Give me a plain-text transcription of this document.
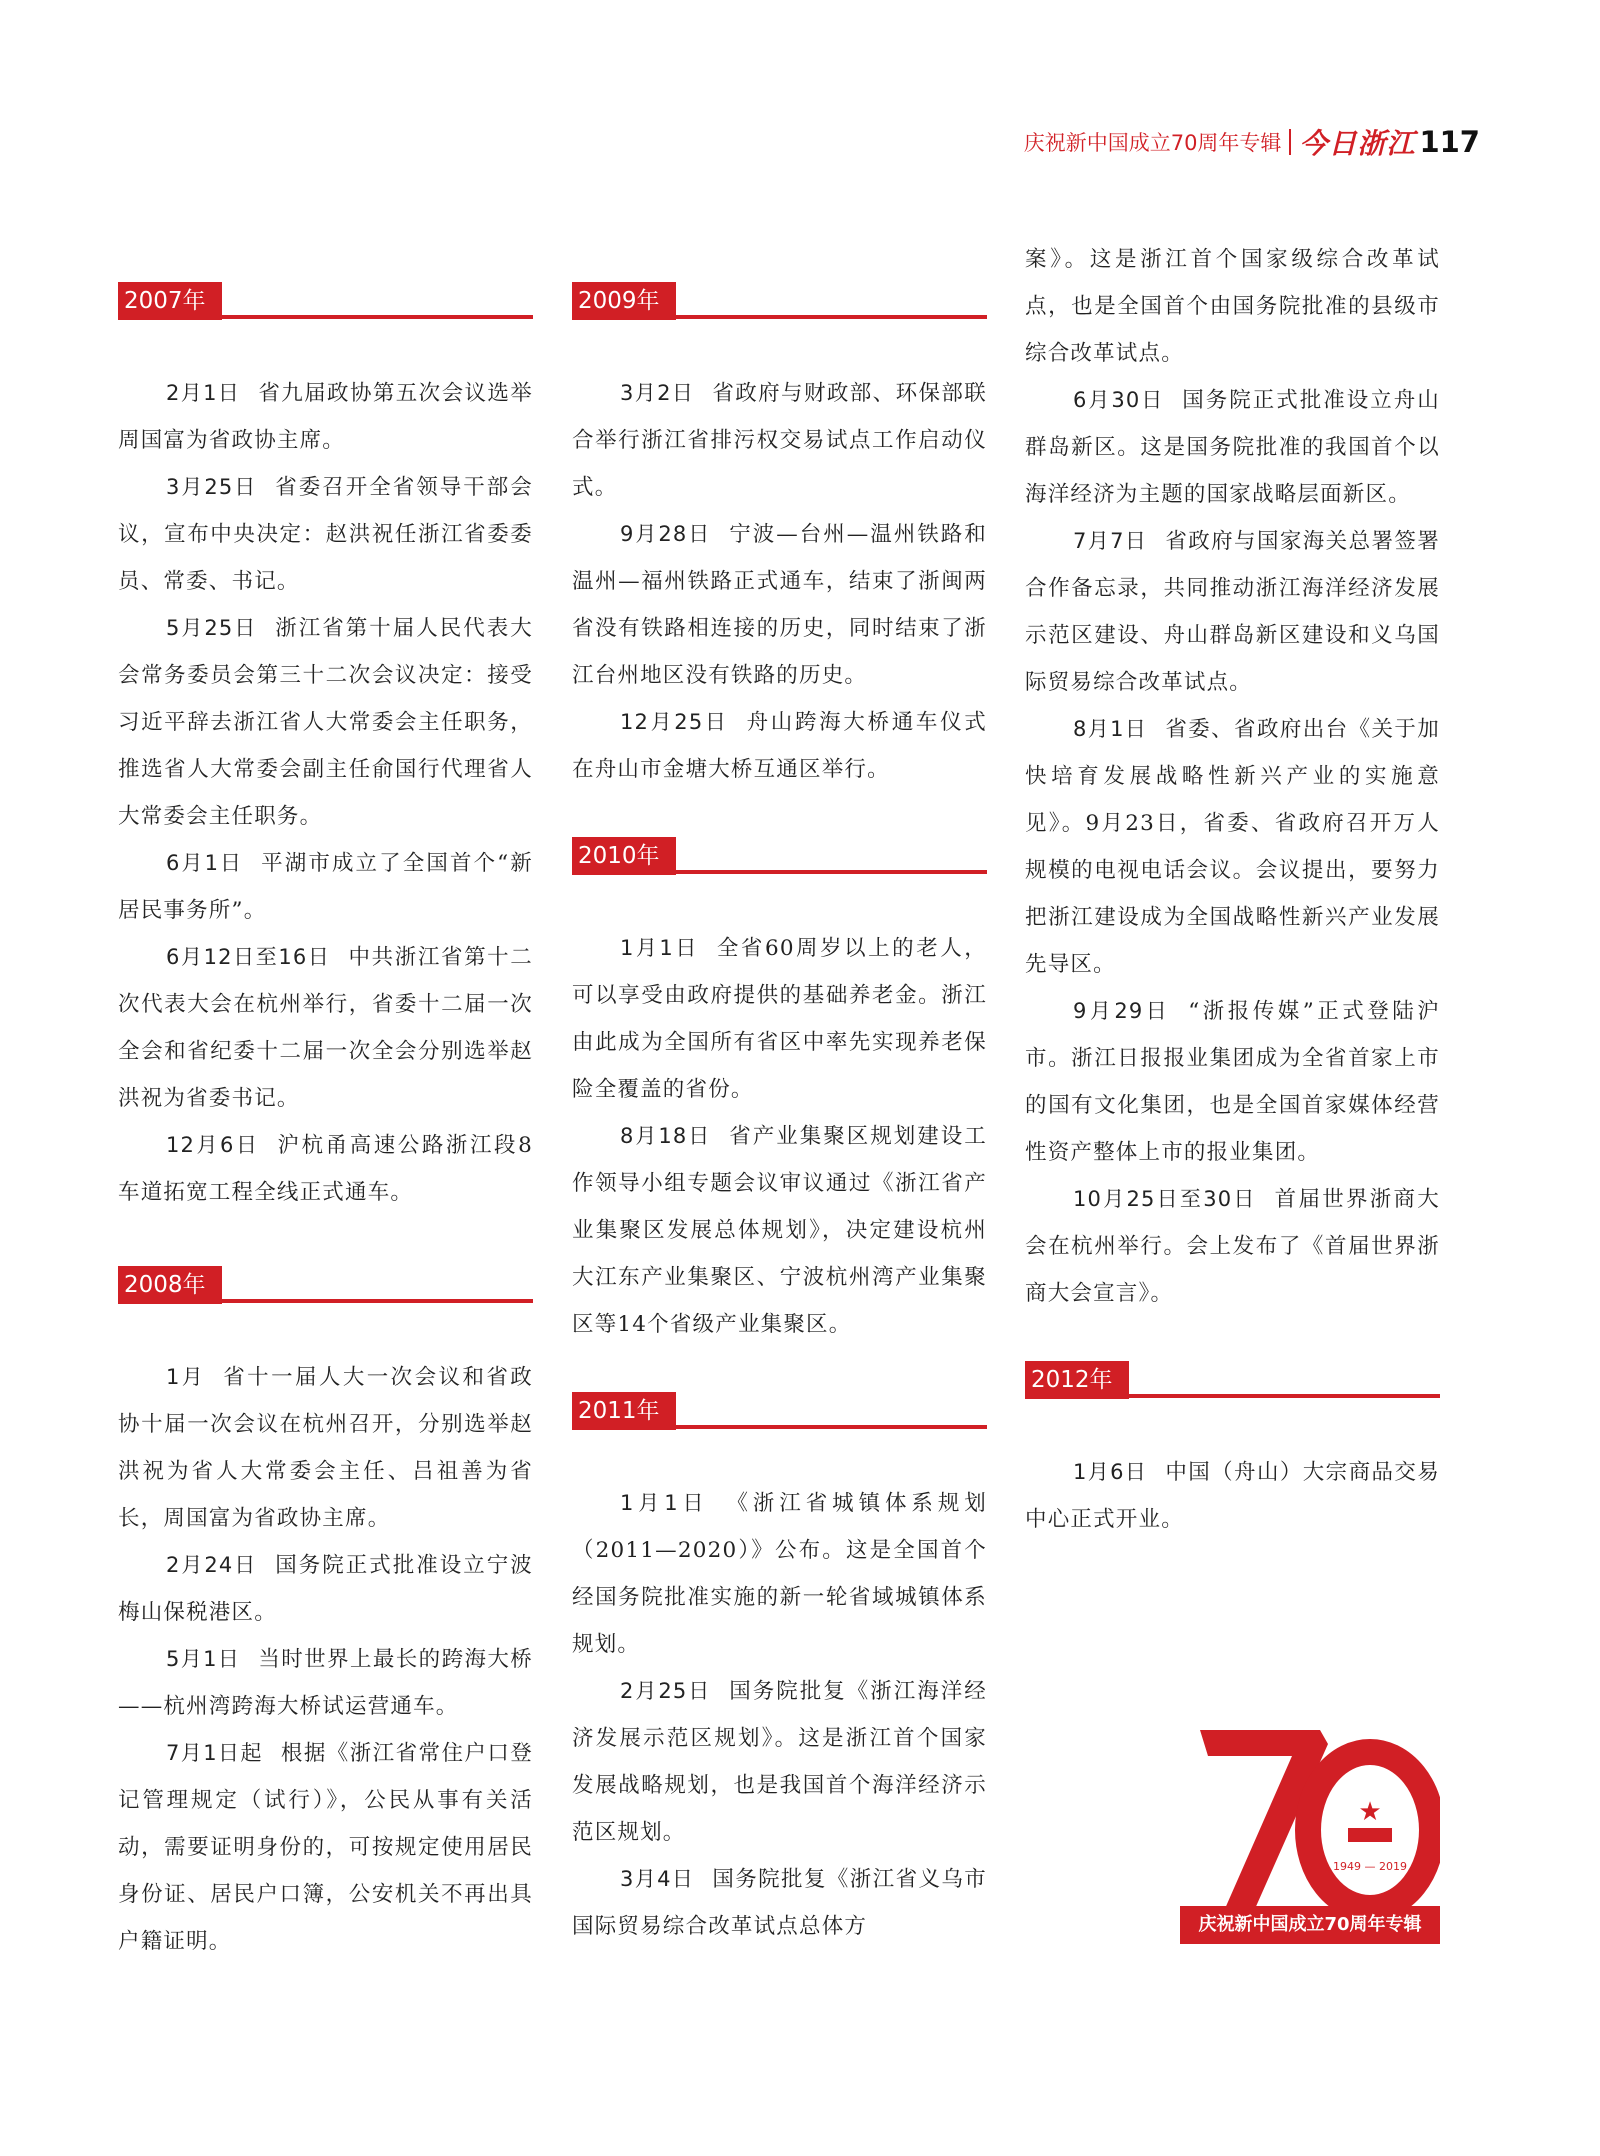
庆祝新中国成立70周年专辑 今日浙江 117
2007年

2月1日 省九届政协第五次会议选举周国富为省政协主席。

3月25日 省委召开全省领导干部会议，宣布中央决定：赵洪祝任浙江省委委员、常委、书记。

5月25日 浙江省第十届人民代表大会常务委员会第三十二次会议决定：接受习近平辞去浙江省人大常委会主任职务，推选省人大常委会副主任俞国行代理省人大常委会主任职务。

6月1日 平湖市成立了全国首个“新居民事务所”。

6月12日至16日 中共浙江省第十二次代表大会在杭州举行，省委十二届一次全会和省纪委十二届一次全会分别选举赵洪祝为省委书记。

12月6日 沪杭甬高速公路浙江段8车道拓宽工程全线正式通车。

2008年

1月 省十一届人大一次会议和省政协十届一次会议在杭州召开，分别选举赵洪祝为省人大常委会主任、吕祖善为省长，周国富为省政协主席。

2月24日 国务院正式批准设立宁波梅山保税港区。

5月1日 当时世界上最长的跨海大桥——杭州湾跨海大桥试运营通车。

7月1日起 根据《浙江省常住户口登记管理规定（试行）》，公民从事有关活动，需要证明身份的，可按规定使用居民身份证、居民户口簿，公安机关不再出具户籍证明。

2009年

3月2日 省政府与财政部、环保部联合举行浙江省排污权交易试点工作启动仪式。

9月28日 宁波—台州—温州铁路和温州—福州铁路正式通车，结束了浙闽两省没有铁路相连接的历史，同时结束了浙江台州地区没有铁路的历史。

12月25日 舟山跨海大桥通车仪式在舟山市金塘大桥互通区举行。

2010年

1月1日 全省60周岁以上的老人，可以享受由政府提供的基础养老金。浙江由此成为全国所有省区中率先实现养老保险全覆盖的省份。

8月18日 省产业集聚区规划建设工作领导小组专题会议审议通过《浙江省产业集聚区发展总体规划》，决定建设杭州大江东产业集聚区、宁波杭州湾产业集聚区等14个省级产业集聚区。

2011年

1月1日 《浙江省城镇体系规划（2011—2020）》公布。这是全国首个经国务院批准实施的新一轮省域城镇体系规划。

2月25日 国务院批复《浙江海洋经济发展示范区规划》。这是浙江首个国家发展战略规划，也是我国首个海洋经济示范区规划。

3月4日 国务院批复《浙江省义乌市国际贸易综合改革试点总体方

案》。这是浙江首个国家级综合改革试点，也是全国首个由国务院批准的县级市综合改革试点。

6月30日 国务院正式批准设立舟山群岛新区。这是国务院批准的我国首个以海洋经济为主题的国家战略层面新区。

7月7日 省政府与国家海关总署签署合作备忘录，共同推动浙江海洋经济发展示范区建设、舟山群岛新区建设和义乌国际贸易综合改革试点。

8月1日 省委、省政府出台《关于加快培育发展战略性新兴产业的实施意见》。9月23日，省委、省政府召开万人规模的电视电话会议。会议提出，要努力把浙江建设成为全国战略性新兴产业发展先导区。

9月29日 “浙报传媒”正式登陆沪市。浙江日报报业集团成为全省首家上市的国有文化集团，也是全国首家媒体经营性资产整体上市的报业集团。

10月25日至30日 首届世界浙商大会在杭州举行。会上发布了《首届世界浙商大会宣言》。

2012年

1月6日 中国（舟山）大宗商品交易中心正式开业。

★
1949 — 2019
庆祝新中国成立70周年专辑
